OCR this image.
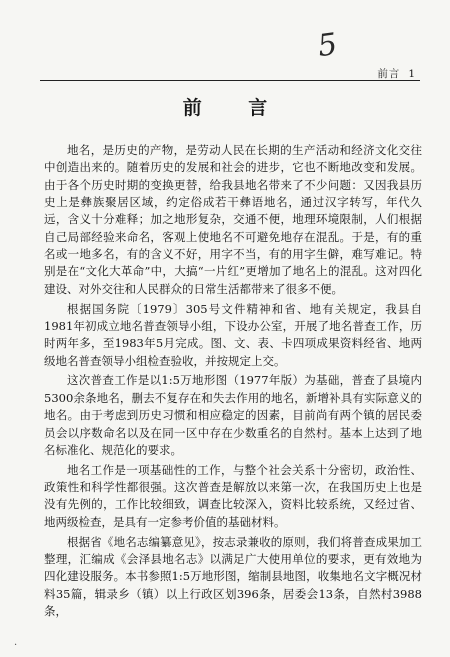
5
前言 1
前 言

地名，是历史的产物，是劳动人民在长期的生产活动和经济文化交往中创造出来的。随着历史的发展和社会的进步，它也不断地改变和发展。由于各个历史时期的变换更替，给我县地名带来了不少问题：又因我县历史上是彝族聚居区域，约定俗成若干彝语地名，通过汉字转写，年代久远，含义十分难释；加之地形复杂，交通不便，地理环境限制，人们根据自己局部经验来命名，客观上使地名不可避免地存在混乱。于是，有的重名或一地多名，有的含义不好，用字不当，有的用字生僻，难写难记。特别是在“文化大革命”中，大搞“一片红”更增加了地名上的混乱。这对四化建设、对外交往和人民群众的日常生活都带来了很多不便。

根据国务院〔1979〕305号文件精神和省、地有关规定，我县自1981年初成立地名普查领导小组，下设办公室，开展了地名普查工作，历时两年多，至1983年5月完成。图、文、表、卡四项成果资料经省、地两级地名普查领导小组检查验收，并按规定上交。

这次普查工作是以1:5万地形图（1977年版）为基础，普查了县境内5300余条地名，删去不复存在和失去作用的地名，新增补具有实际意义的地名。由于考虑到历史习惯和相应稳定的因素，目前尚有两个镇的居民委员会以序数命名以及在同一区中存在少数重名的自然村。基本上达到了地名标准化、规范化的要求。

地名工作是一项基础性的工作，与整个社会关系十分密切，政治性、政策性和科学性都很强。这次普查是解放以来第一次，在我国历史上也是没有先例的，工作比较细致，调查比较深入，资料比较系统，又经过省、地两级检查，是具有一定参考价值的基础材料。

根据省《地名志编纂意见》，按志录兼收的原则，我们将普查成果加工整理，汇编成《会泽县地名志》以满足广大使用单位的要求，更有效地为四化建设服务。本书参照1:5万地形图，缩制县地图，收集地名文字概况材料35篇，辑录乡（镇）以上行政区划396条，居委会13条，自然村3988条，

·
